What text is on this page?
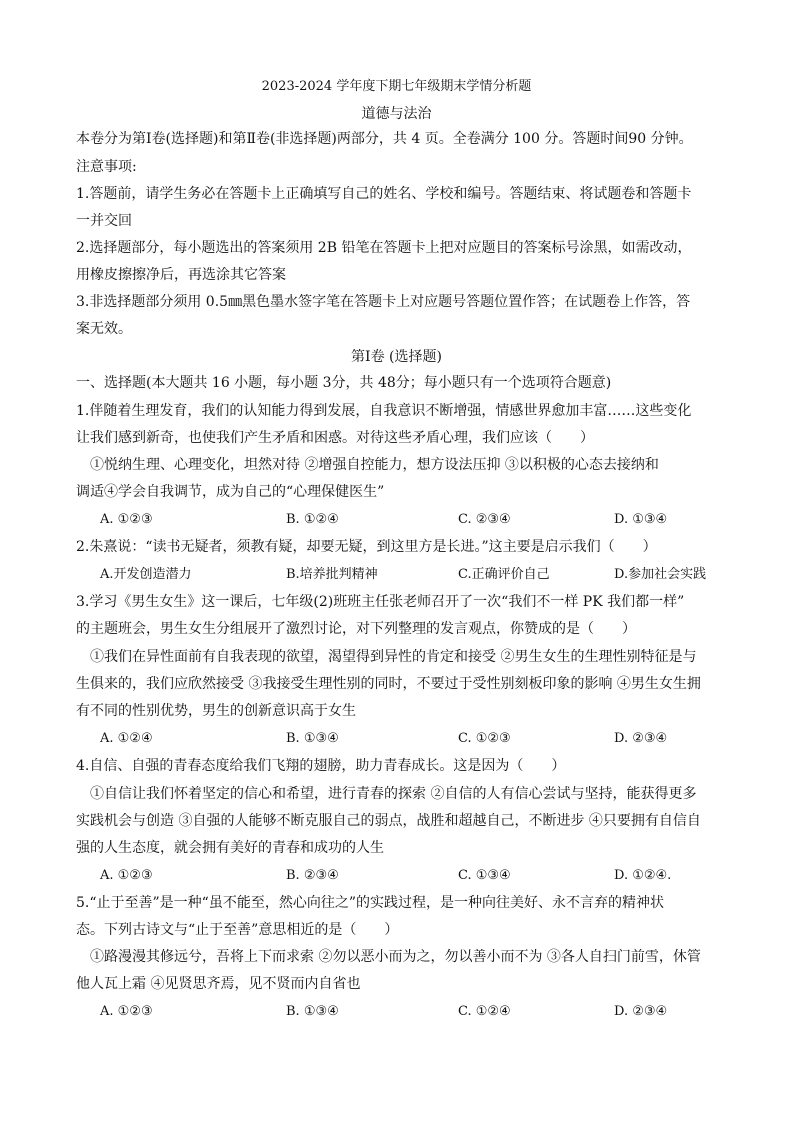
2023-2024 学年度下期七年级期末学情分析题
道德与法治
本卷分为第Ⅰ卷(选择题)和第Ⅱ卷(非选择题)两部分，共 4 页。全卷满分 100 分。答题时间90 分钟。
注意事项:
1.答题前，请学生务必在答题卡上正确填写自己的姓名、学校和编号。答题结束、将试题卷和答题卡
一并交回
2.选择题部分，每小题选出的答案须用 2B 铅笔在答题卡上把对应题目的答案标号涂黑，如需改动，
用橡皮擦擦净后，再选涂其它答案
3.非选择题部分须用 0.5㎜黑色墨水签字笔在答题卡上对应题号答题位置作答；在试题卷上作答，答
案无效。
第Ⅰ卷 (选择题)
一、选择题(本大题共 16 小题，每小题 3分，共 48分；每小题只有一个选项符合题意)
1.伴随着生理发育，我们的认知能力得到发展，自我意识不断增强，情感世界愈加丰富……这些变化
让我们感到新奇，也使我们产生矛盾和困惑。对待这些矛盾心理，我们应该（　　）
①悦纳生理、心理变化，坦然对待 ②增强自控能力，想方设法压抑 ③以积极的心态去接纳和
调适④学会自我调节，成为自己的“心理保健医生”
A. ①②③	B. ①②④	C. ②③④	D. ①③④
2.朱熹说：“读书无疑者，须教有疑，却要无疑，到这里方是长进。”这主要是启示我们（　　）
A.开发创造潜力	B.培养批判精神	C.正确评价自己	D.参加社会实践
3.学习《男生女生》这一课后，七年级(2)班班主任张老师召开了一次“我们不一样 PK 我们都一样”
的主题班会，男生女生分组展开了激烈讨论，对下列整理的发言观点，你赞成的是（　　）
①我们在异性面前有自我表现的欲望，渴望得到异性的肯定和接受 ②男生女生的生理性别特征是与
生俱来的，我们应欣然接受 ③我接受生理性别的同时，不要过于受性别刻板印象的影响 ④男生女生拥
有不同的性别优势，男生的创新意识高于女生
A. ①②④	B. ①③④	C. ①②③	D. ②③④
4.自信、自强的青春态度给我们飞翔的翅膀，助力青春成长。这是因为（　　）
①自信让我们怀着坚定的信心和希望，进行青春的探索 ②自信的人有信心尝试与坚持，能获得更多
实践机会与创造 ③自强的人能够不断克服自己的弱点，战胜和超越自己，不断进步 ④只要拥有自信自
强的人生态度，就会拥有美好的青春和成功的人生
A. ①②③	B. ②③④	C. ①③④	D. ①②④.
5.“止于至善”是一种“虽不能至，然心向往之”的实践过程，是一种向往美好、永不言弃的精神状
态。下列古诗文与“止于至善”意思相近的是（　　）
①路漫漫其修远兮，吾将上下而求索 ②勿以恶小而为之，勿以善小而不为 ③各人自扫门前雪，休管
他人瓦上霜 ④见贤思齐焉，见不贤而内自省也
A. ①②③	B. ①③④	C. ①②④	D. ②③④
